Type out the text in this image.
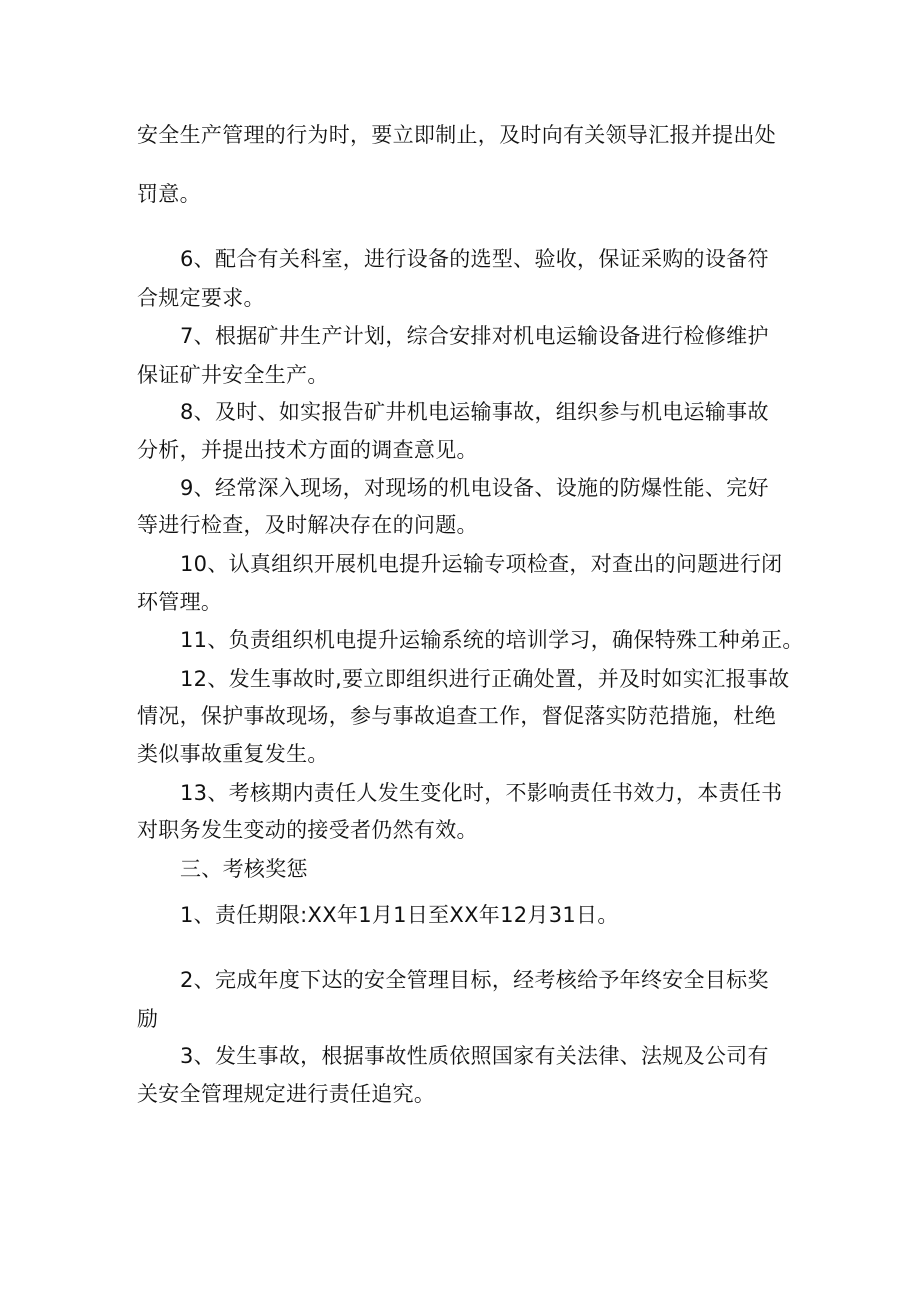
安全生产管理的行为时，要立即制止，及时向有关领导汇报并提出处
罚意。
6、配合有关科室，进行设备的选型、验收，保证采购的设备符
合规定要求。
7、根据矿井生产计划，综合安排对机电运输设备进行检修维护
保证矿井安全生产。
8、及时、如实报告矿井机电运输事故，组织参与机电运输事故
分析，并提出技术方面的调查意见。
9、经常深入现场，对现场的机电设备、设施的防爆性能、完好
等进行检查，及时解决存在的问题。
10、认真组织开展机电提升运输专项检查，对查出的问题进行闭
环管理。
11、负责组织机电提升运输系统的培训学习，确保特殊工种弟正。
12、发生事故时,要立即组织进行正确处置，并及时如实汇报事故
情况，保护事故现场，参与事故追查工作，督促落实防范措施，杜绝
类似事故重复发生。
13、考核期内责任人发生变化时，不影响责任书效力，本责任书
对职务发生变动的接受者仍然有效。
三、考核奖惩
1、责任期限:XX年1月1日至XX年12月31日。
2、完成年度下达的安全管理目标，经考核给予年终安全目标奖
励
3、发生事故，根据事故性质依照国家有关法律、法规及公司有
关安全管理规定进行责任追究。
